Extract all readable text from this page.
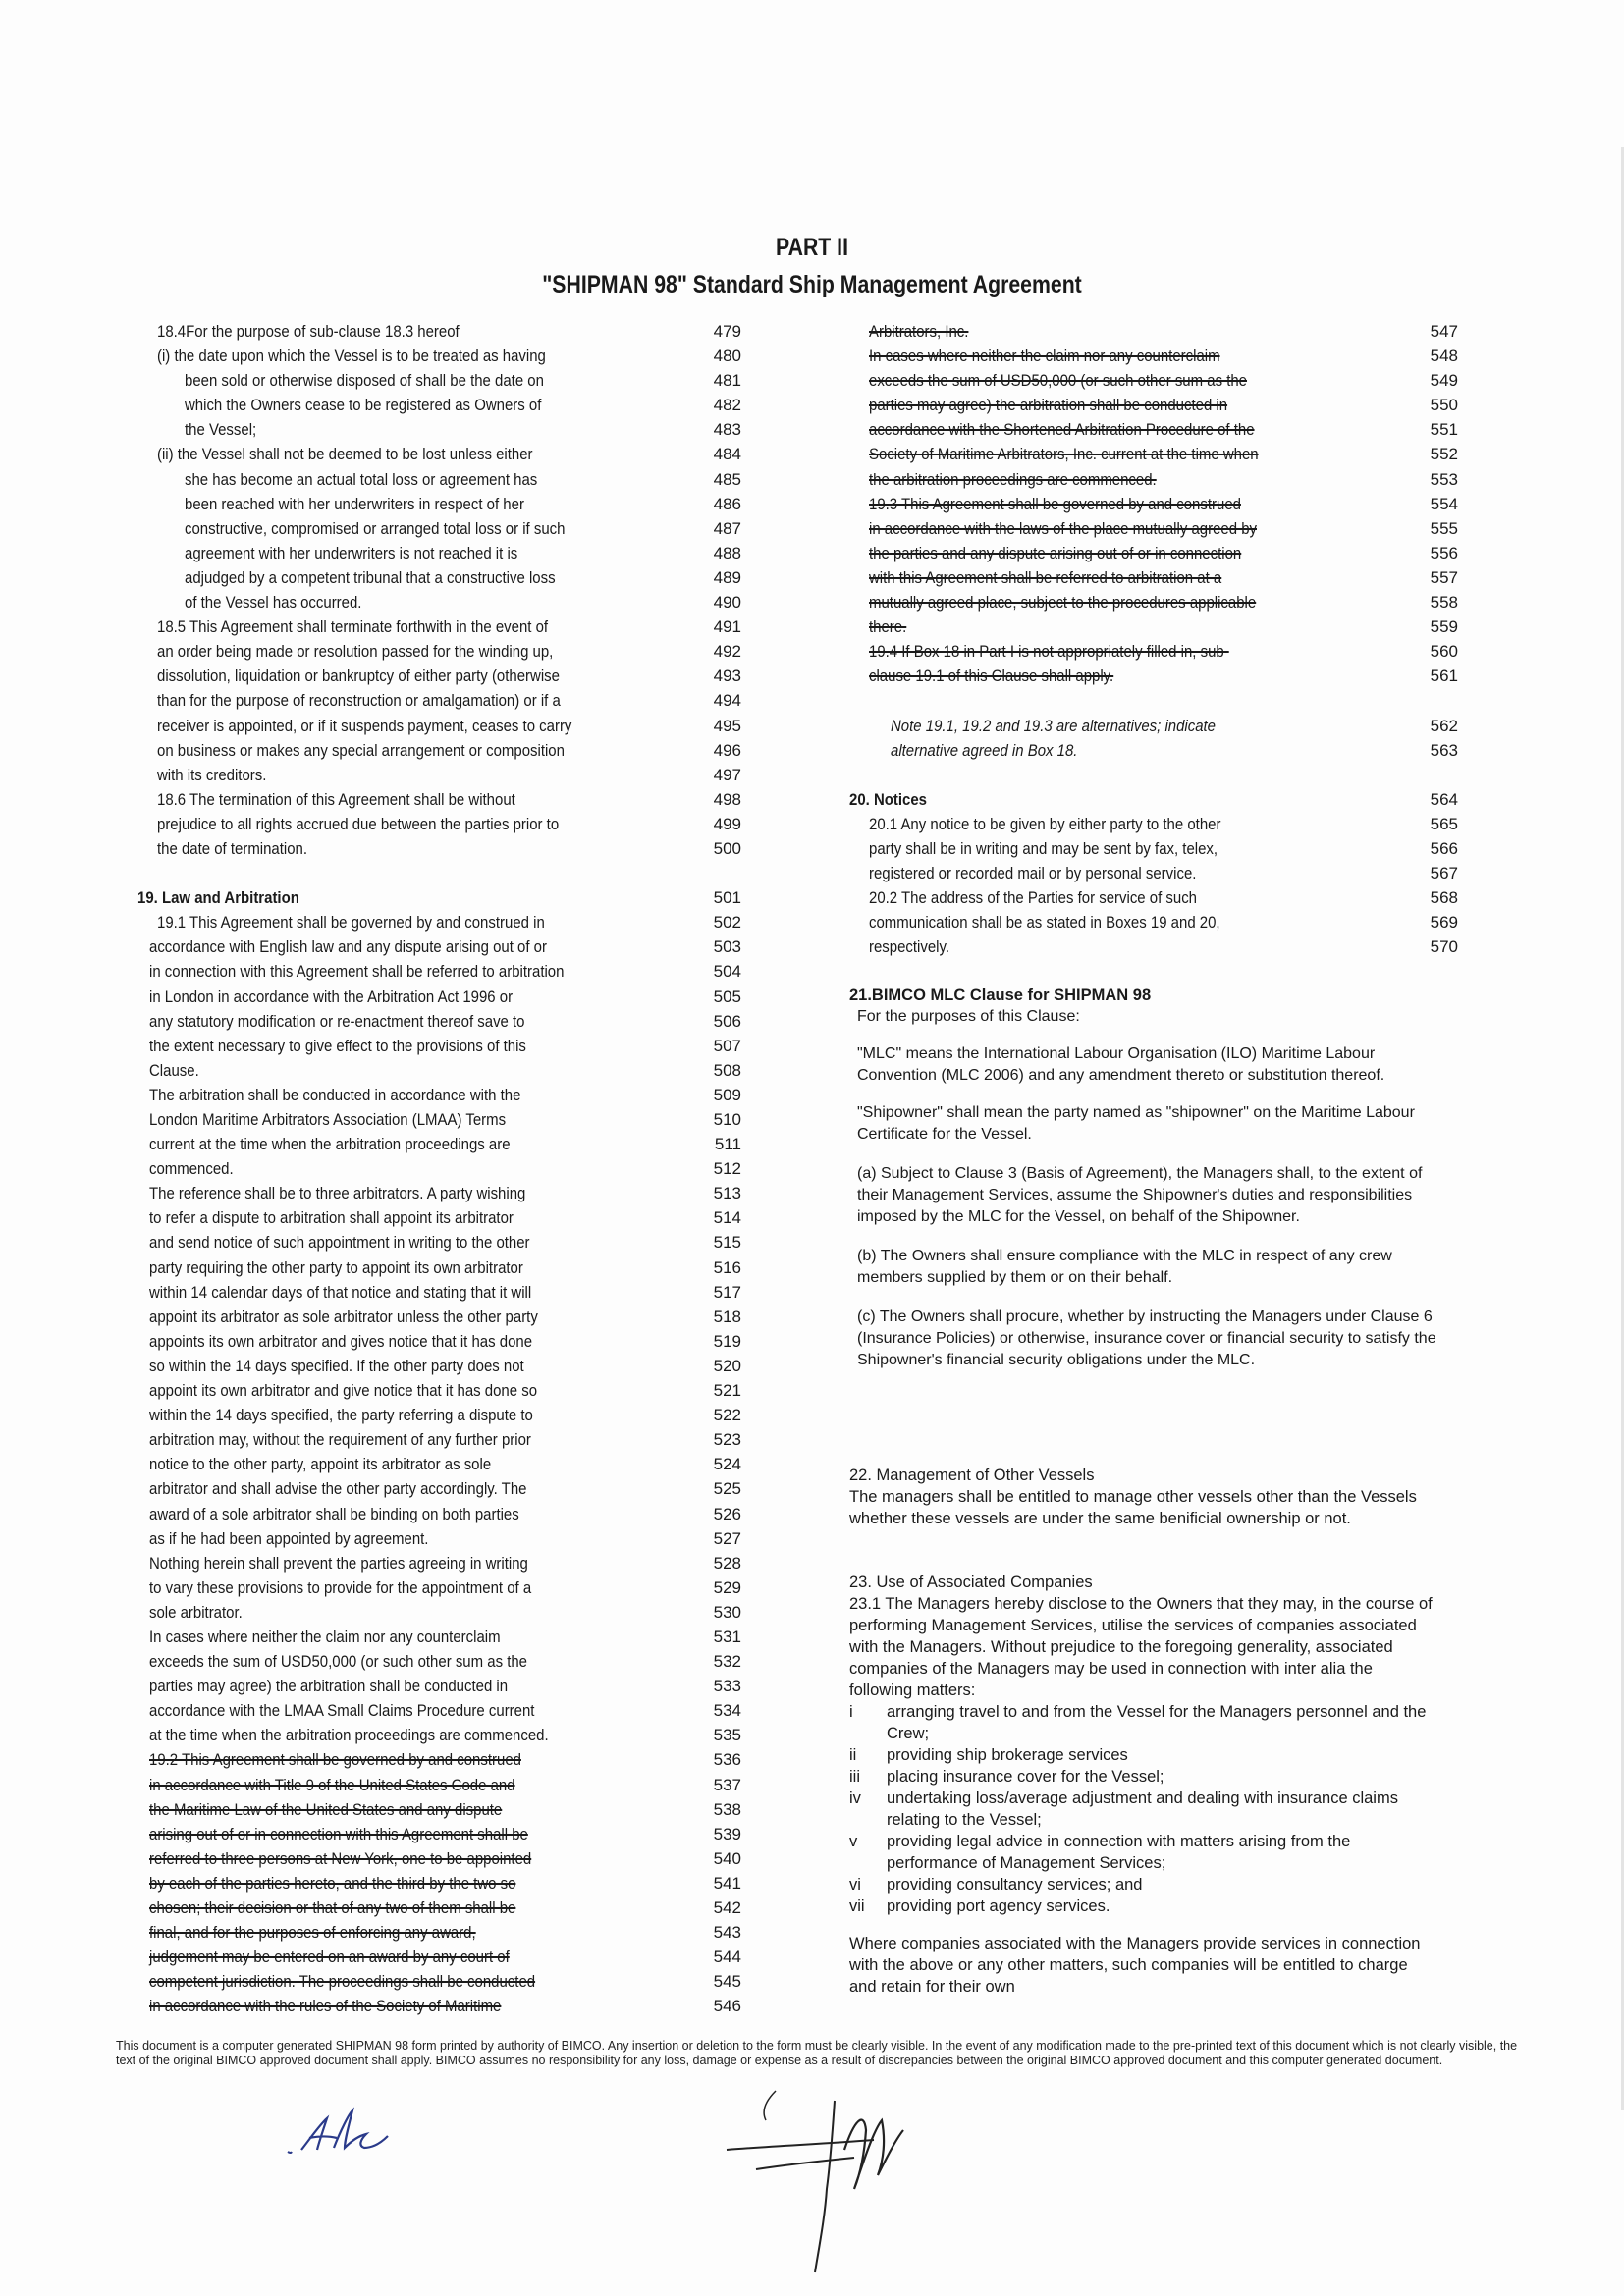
PART II
"SHIPMAN 98" Standard Ship Management Agreement
18.4For the purpose of sub-clause 18.3 hereof	479
(i) the date upon which the Vessel is to be treated as having	480
been sold or otherwise disposed of shall be the date on	481
which the Owners cease to be registered as Owners of	482
the Vessel;	483
(ii) the Vessel shall not be deemed to be lost unless either	484
she has become an actual total loss or agreement has	485
been reached with her underwriters in respect of her	486
constructive, compromised or arranged total loss or if such	487
agreement with her underwriters is not reached it is	488
adjudged by a competent tribunal that a constructive loss	489
of the Vessel has occurred.	490
18.5 This Agreement shall terminate forthwith in the event of	491
an order being made or resolution passed for the winding up,	492
dissolution, liquidation or bankruptcy of either party (otherwise	493
than for the purpose of reconstruction or amalgamation) or if a	494
receiver is appointed, or if it suspends payment, ceases to carry	495
on business or makes any special arrangement or composition	496
with its creditors.	497
18.6 The termination of this Agreement shall be without	498
prejudice to all rights accrued due between the parties prior to	499
the date of termination.	500
19. Law and Arbitration	501
19.1 This Agreement shall be governed by and construed in	502
accordance with English law and any dispute arising out of or	503
in connection with this Agreement shall be referred to arbitration	504
in London in accordance with the Arbitration Act 1996 or	505
any statutory modification or re-enactment thereof save to	506
the extent necessary to give effect to the provisions of this	507
Clause.	508
The arbitration shall be conducted in accordance with the	509
London Maritime Arbitrators Association (LMAA) Terms	510
current at the time when the arbitration proceedings are	511
commenced.	512
The reference shall be to three arbitrators. A party wishing	513
to refer a dispute to arbitration shall appoint its arbitrator	514
and send notice of such appointment in writing to the other	515
party requiring the other party to appoint its own arbitrator	516
within 14 calendar days of that notice and stating that it will	517
appoint its arbitrator as sole arbitrator unless the other party	518
appoints its own arbitrator and gives notice that it has done	519
so within the 14 days specified. If the other party does not	520
appoint its own arbitrator and give notice that it has done so	521
within the 14 days specified, the party referring a dispute to	522
arbitration may, without the requirement of any further prior	523
notice to the other party, appoint its arbitrator as sole	524
arbitrator and shall advise the other party accordingly. The	525
award of a sole arbitrator shall be binding on both parties	526
as if he had been appointed by agreement.	527
Nothing herein shall prevent the parties agreeing in writing	528
to vary these provisions to provide for the appointment of a	529
sole arbitrator.	530
In cases where neither the claim nor any counterclaim	531
exceeds the sum of USD50,000 (or such other sum as the	532
parties may agree) the arbitration shall be conducted in	533
accordance with the LMAA Small Claims Procedure current	534
at the time when the arbitration proceedings are commenced.	535
19.2 This Agreement shall be governed by and construed	536
in accordance with Title 9 of the United States Code and	537
the Maritime Law of the United States and any dispute	538
arising out of or in connection with this Agreement shall be	539
referred to three persons at New York, one to be appointed	540
by each of the parties hereto, and the third by the two so	541
chosen; their decision or that of any two of them shall be	542
final, and for the purposes of enforcing any award,	543
judgement may be entered on an award by any court of	544
competent jurisdiction. The proceedings shall be conducted	545
in accordance with the rules of the Society of Maritime	546
Arbitrators, Inc.	547
In cases where neither the claim nor any counterclaim	548
exceeds the sum of USD50,000 (or such other sum as the	549
parties may agree) the arbitration shall be conducted in	550
accordance with the Shortened Arbitration Procedure of the	551
Society of Maritime Arbitrators, Inc. current at the time when	552
the arbitration proceedings are commenced.	553
19.3 This Agreement shall be governed by and construed	554
in accordance with the laws of the place mutually agreed by	555
the parties and any dispute arising out of or in connection	556
with this Agreement shall be referred to arbitration at a	557
mutually agreed place, subject to the procedures applicable	558
there.	559
19.4 If Box 18 in Part I is not appropriately filled in, sub-	560
clause 19.1 of this Clause shall apply.	561
Note 19.1, 19.2 and 19.3 are alternatives; indicate	562
alternative agreed in Box 18.	563
20. Notices	564
20.1 Any notice to be given by either party to the other	565
party shall be in writing and may be sent by fax, telex,	566
registered or recorded mail or by personal service.	567
20.2 The address of the Parties for service of such	568
communication shall be as stated in Boxes 19 and 20,	569
respectively.	570
21.BIMCO MLC Clause for SHIPMAN 98
For the purposes of this Clause:
"MLC" means the International Labour Organisation (ILO) Maritime Labour Convention (MLC 2006) and any amendment thereto or substitution thereof.
"Shipowner" shall mean the party named as "shipowner" on the Maritime Labour Certificate for the Vessel.
(a) Subject to Clause 3 (Basis of Agreement), the Managers shall, to the extent of their Management Services, assume the Shipowner's duties and responsibilities imposed by the MLC for the Vessel, on behalf of the Shipowner.
(b) The Owners shall ensure compliance with the MLC in respect of any crew members supplied by them or on their behalf.
(c) The Owners shall procure, whether by instructing the Managers under Clause 6 (Insurance Policies) or otherwise, insurance cover or financial security to satisfy the Shipowner's financial security obligations under the MLC.
22. Management of Other Vessels
The managers shall be entitled to manage other vessels other than the Vessels whether these vessels are under the same benificial ownership or not.
23. Use of Associated Companies
23.1 The Managers hereby disclose to the Owners that they may, in the course of performing Management Services, utilise the services of companies associated with the Managers. Without prejudice to the foregoing generality, associated companies of the Managers may be used in connection with inter alia the following matters:
i	arranging travel to and from the Vessel for the Managers personnel and the Crew;
ii	providing ship brokerage services
iii	placing insurance cover for the Vessel;
iv	undertaking loss/average adjustment and dealing with insurance claims relating to the Vessel;
v	providing legal advice in connection with matters arising from the performance of Management Services;
vi	providing consultancy services; and
vii	providing port agency services.
Where companies associated with the Managers provide services in connection with the above or any other matters, such companies will be entitled to charge and retain for their own
This document is a computer generated SHIPMAN 98 form printed by authority of BIMCO. Any insertion or deletion to the form must be clearly visible. In the event of any modification made to the pre-printed text of this document which is not clearly visible, the text of the original BIMCO approved document shall apply. BIMCO assumes no responsibility for any loss, damage or expense as a result of discrepancies between the original BIMCO approved document and this computer generated document.
